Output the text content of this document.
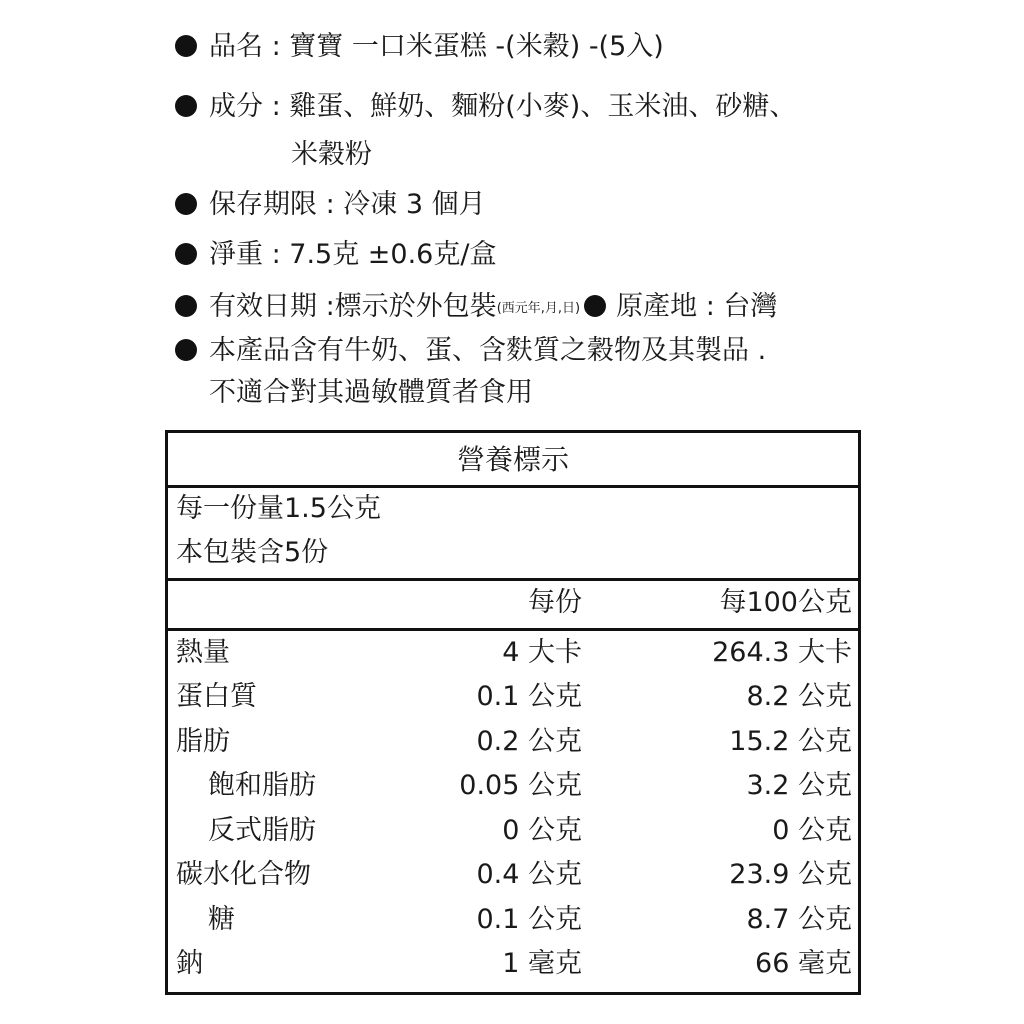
品名 : 寶寶 一口米蛋糕 -(米穀) -(5入)
成分 : 雞蛋、鮮奶、麵粉(小麥)、玉米油、砂糖、
米穀粉
保存期限 : 冷凍 3 個月
淨重 : 7.5克 ±0.6克/盒
有效日期 :標示於外包裝(西元年,月,日) 原產地 : 台灣
本產品含有牛奶、蛋、含麩質之穀物及其製品 .
不適合對其過敏體質者食用
營養標示
每一份量1.5公克
本包裝含5份
每份	每100公克
熱量	4 大卡	264.3 大卡
蛋白質	0.1 公克	8.2 公克
脂肪	0.2 公克	15.2 公克
飽和脂肪	0.05 公克	3.2 公克
反式脂肪	0 公克	0 公克
碳水化合物	0.4 公克	23.9 公克
糖	0.1 公克	8.7 公克
鈉	1 毫克	66 毫克
